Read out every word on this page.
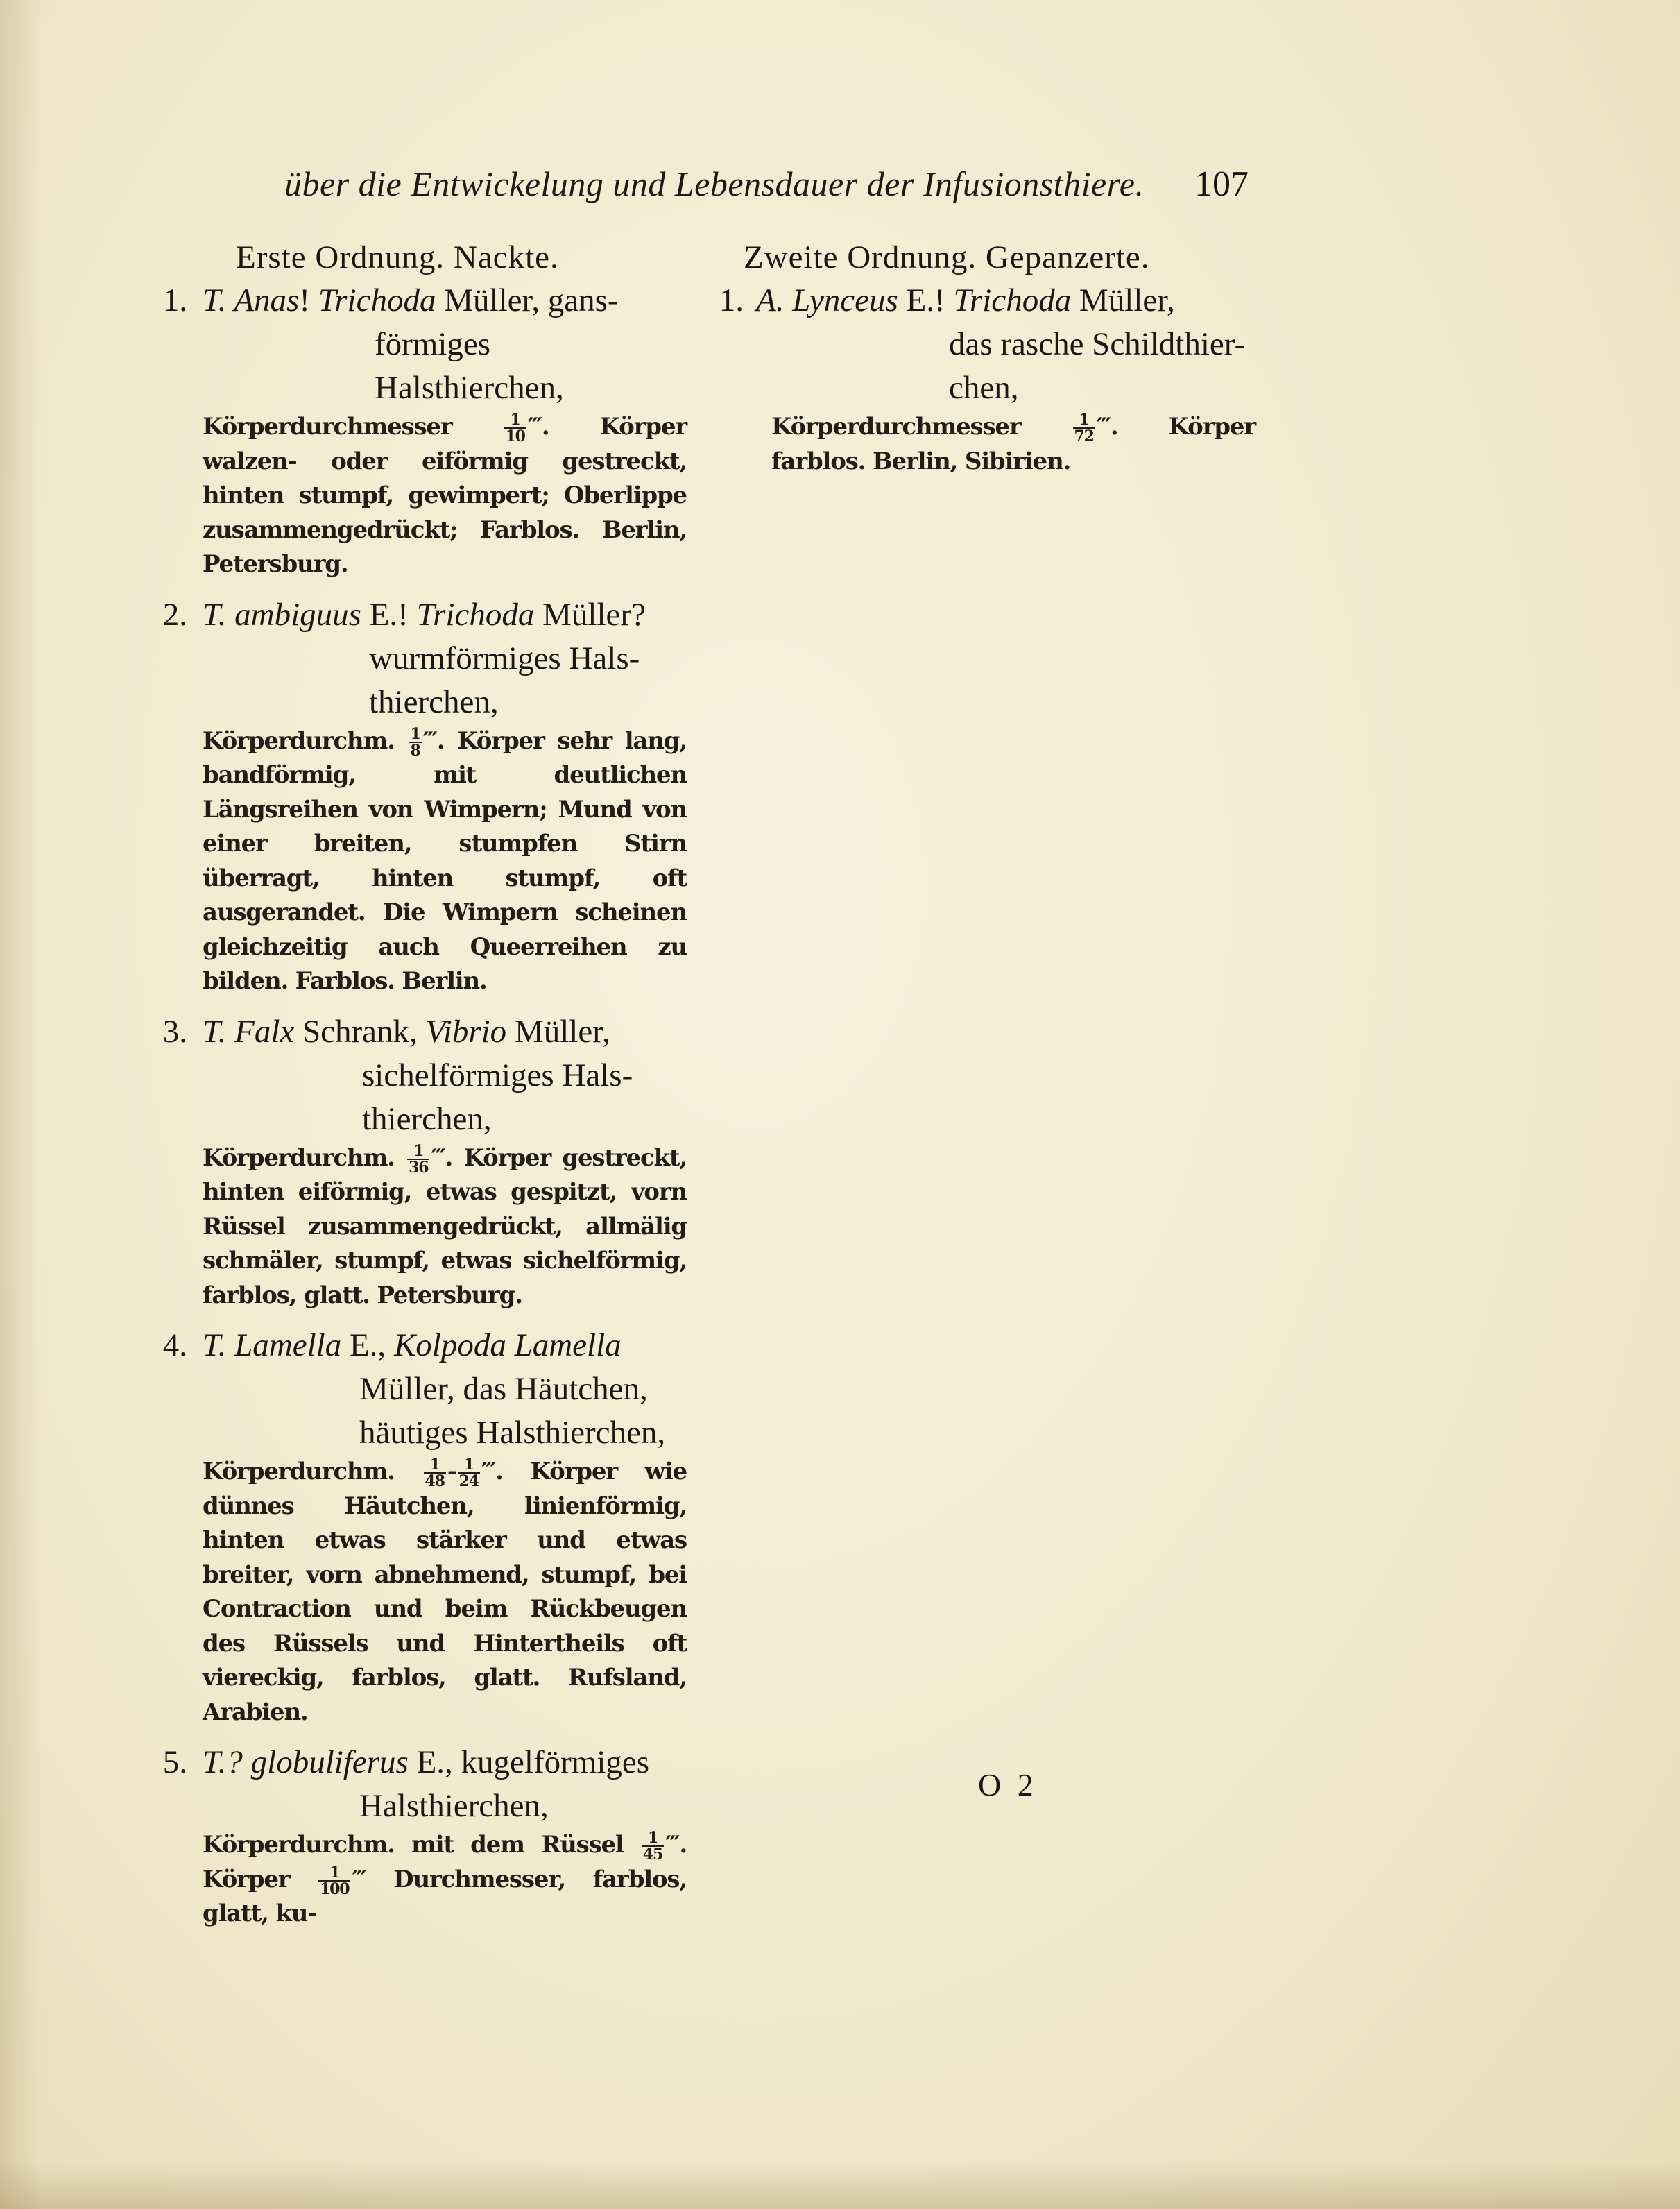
über die Entwickelung und Lebensdauer der Infusionsthiere.	107
Erste Ordnung. Nackte.
1. T. Anas! Trichoda Müller, gans-
förmiges Halsthierchen,
Körperdurchmesser	$\frac{1}{10}$ ‴. Körper walzen- oder eiförmig gestreckt, hinten stumpf, gewimpert; Oberlippe zusammengedrückt; Farblos. Berlin, Petersburg.
2. T. ambiguus E.! Trichoda Müller?
wurmförmiges Hals-
thierchen,
Körperdurchm. $\frac{1}{8}$ ‴. Körper sehr lang, bandförmig, mit deutlichen Längsreihen von Wimpern; Mund von einer breiten, stumpfen Stirn überragt, hinten stumpf, oft ausgerandet. Die Wimpern scheinen gleichzeitig auch Queerreihen zu bilden. Farblos. Berlin.
3. T. Falx Schrank, Vibrio Müller,
sichelförmiges Hals-
thierchen,
Körperdurchm. $\frac{1}{36}$ ‴. Körper gestreckt, hinten eiförmig, etwas gespitzt, vorn Rüssel zusammengedrückt, allmälig schmäler, stumpf, etwas sichelförmig, farblos, glatt. Petersburg.
4. T. Lamella E., Kolpoda Lamella
Müller, das Häutchen,
häutiges Halsthierchen,
Körperdurchm. $\frac{1}{48} - \frac{1}{24}$ ‴. Körper wie dünnes Häutchen, linienförmig, hinten etwas stärker und etwas breiter, vorn abnehmend, stumpf, bei Contraction und beim Rückbeugen des Rüssels und Hintertheils oft viereckig, farblos, glatt. Rufsland, Arabien.
5. T.? globuliferus E., kugelförmiges
Halsthierchen,
Körperdurchm. mit dem Rüssel $\frac{1}{45}$ ‴. Körper $\frac{1}{100}$ ‴ Durchmesser, farblos, glatt, ku-
Zweite Ordnung. Gepanzerte.
1. A. Lynceus E.! Trichoda Müller,
das rasche Schildthier-
chen,
Körperdurchmesser	$\frac{1}{72}$ ‴. Körper farblos. Berlin, Sibirien.
O 2
